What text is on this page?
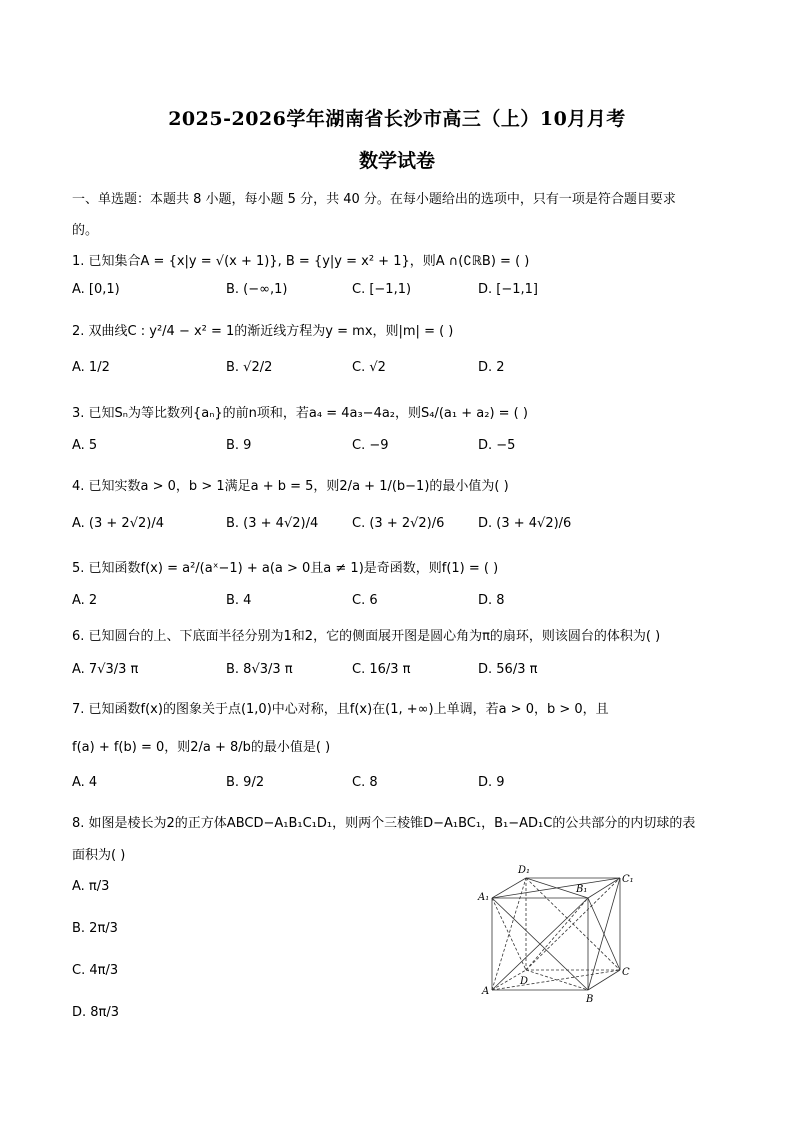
2025-2026学年湖南省长沙市高三（上）10月月考
数学试卷
一、单选题：本题共 8 小题，每小题 5 分，共 40 分。在每小题给出的选项中，只有一项是符合题目要求
的。
1. 已知集合A = {x|y = √(x + 1)}, B = {y|y = x² + 1}，则A ∩(∁ℝB) = ( )
A. [0,1)	B. (−∞,1)	C. [−1,1)	D. [−1,1]
2. 双曲线C : y²/4 − x² = 1的渐近线方程为y = mx，则|m| = ( )
A. 1/2	B. √2/2	C. √2	D. 2
3. 已知Sₙ为等比数列{aₙ}的前n项和，若a₄ = 4a₃−4a₂，则S₄/(a₁ + a₂) = ( )
A. 5	B. 9	C. −9	D. −5
4. 已知实数a > 0，b > 1满足a + b = 5，则2/a + 1/(b−1)的最小值为( )
A. (3 + 2√2)/4	B. (3 + 4√2)/4	C. (3 + 2√2)/6	D. (3 + 4√2)/6
5. 已知函数f(x) = a²/(aˣ−1) + a(a > 0且a ≠ 1)是奇函数，则f(1) = ( )
A. 2	B. 4	C. 6	D. 8
6. 已知圆台的上、下底面半径分别为1和2，它的侧面展开图是圆心角为π的扇环，则该圆台的体积为( )
A. 7√3/3 π	B. 8√3/3 π	C. 16/3 π	D. 56/3 π
7. 已知函数f(x)的图象关于点(1,0)中心对称，且f(x)在(1, +∞)上单调，若a > 0，b > 0，且
f(a) + f(b) = 0，则2/a + 8/b的最小值是( )
A. 4	B. 9/2	C. 8	D. 9
8. 如图是棱长为2的正方体ABCD−A₁B₁C₁D₁，则两个三棱锥D−A₁BC₁，B₁−AD₁C的公共部分的内切球的表
面积为( )
A. π/3
B. 2π/3
C. 4π/3
D. 8π/3
D₁
B₁
C₁
A₁
D
C
A
B
